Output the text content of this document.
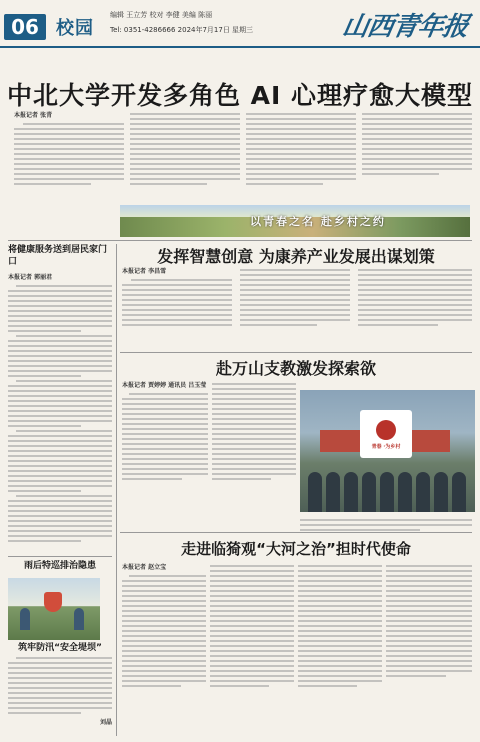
06 校园
编辑 王立芳 校对 李健 美编 陈丽
Tel: 0351-4286666 2024年7月17日 星期三	山西青年报
中北大学开发多角色 AI 心理疗愈大模型
本报记者 张青
以青春之名 赴乡村之约
将健康服务送到居民家门口
本报记者 郭丽君
发挥智慧创意 为康养产业发展出谋划策
本报记者 李昌雪
赴万山支教激发探索欲
本报记者 贾婷婷 通讯员 吕玉莹
青春 ·为乡村
雨后特巡排治隐患
筑牢防汛“安全堤坝”
刘晶
走进临猗观“大河之治”担时代使命
本报记者 赵立宝
